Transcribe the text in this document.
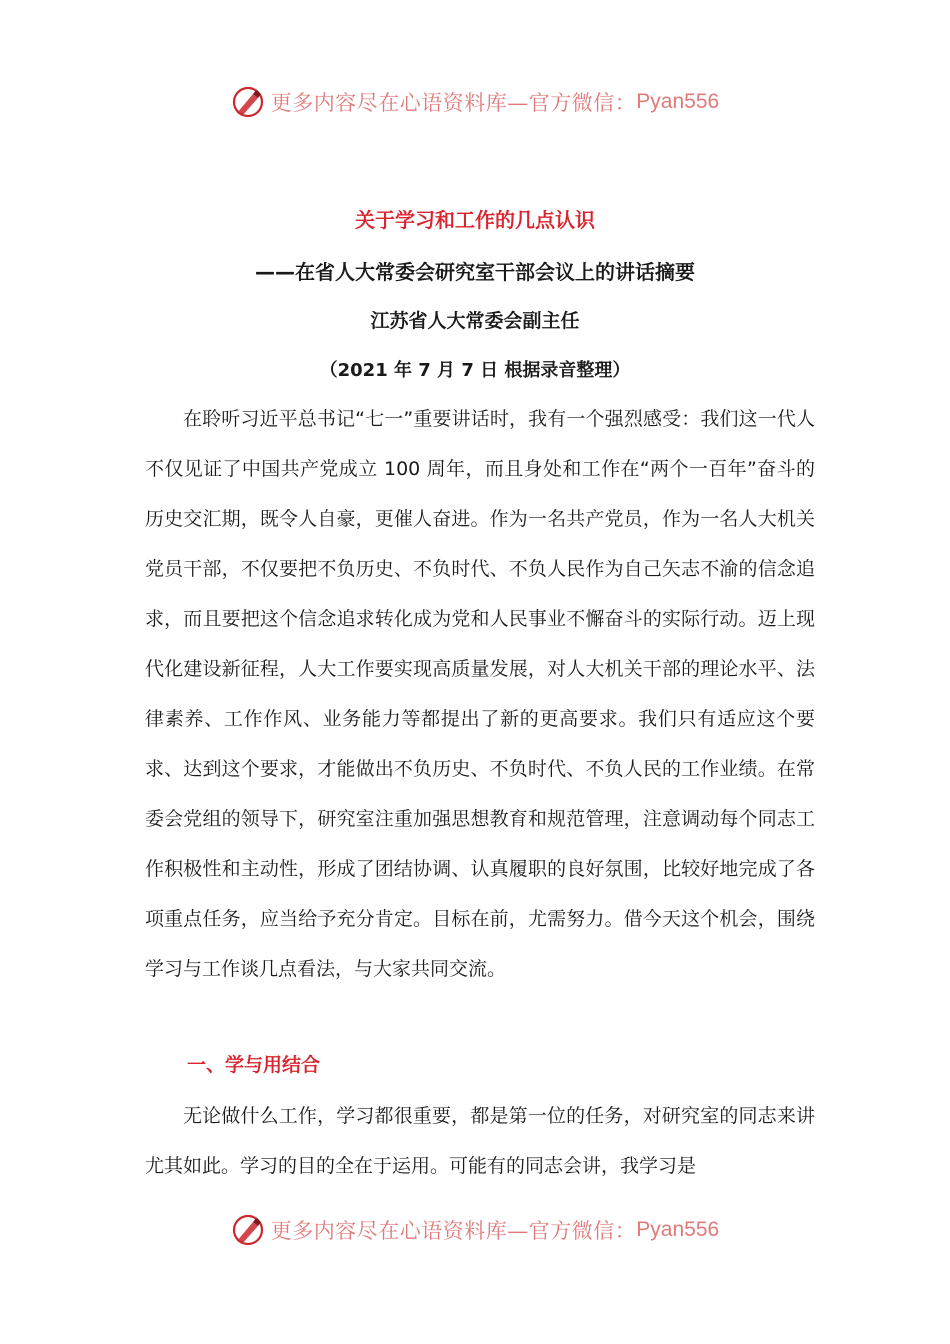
更多内容尽在心语资料库—官方微信： Pyan556
关于学习和工作的几点认识
——在省人大常委会研究室干部会议上的讲话摘要
江苏省人大常委会副主任
（2021 年 7 月 7 日 根据录音整理）

在聆听习近平总书记“七一”重要讲话时，我有一个强烈感受：我们这一代人不仅见证了中国共产党成立 100 周年，而且身处和工作在“两个一百年”奋斗的历史交汇期，既令人自豪，更催人奋进。作为一名共产党员，作为一名人大机关党员干部，不仅要把不负历史、不负时代、不负人民作为自己矢志不渝的信念追求，而且要把这个信念追求转化成为党和人民事业不懈奋斗的实际行动。迈上现代化建设新征程，人大工作要实现高质量发展，对人大机关干部的理论水平、法律素养、工作作风、业务能力等都提出了新的更高要求。我们只有适应这个要求、达到这个要求，才能做出不负历史、不负时代、不负人民的工作业绩。在常委会党组的领导下，研究室注重加强思想教育和规范管理，注意调动每个同志工作积极性和主动性，形成了团结协调、认真履职的良好氛围，比较好地完成了各项重点任务，应当给予充分肯定。目标在前，尤需努力。借今天这个机会，围绕学习与工作谈几点看法，与大家共同交流。

一、学与用结合

无论做什么工作，学习都很重要，都是第一位的任务，对研究室的同志来讲尤其如此。学习的目的全在于运用。可能有的同志会讲，我学习是

更多内容尽在心语资料库—官方微信： Pyan556
